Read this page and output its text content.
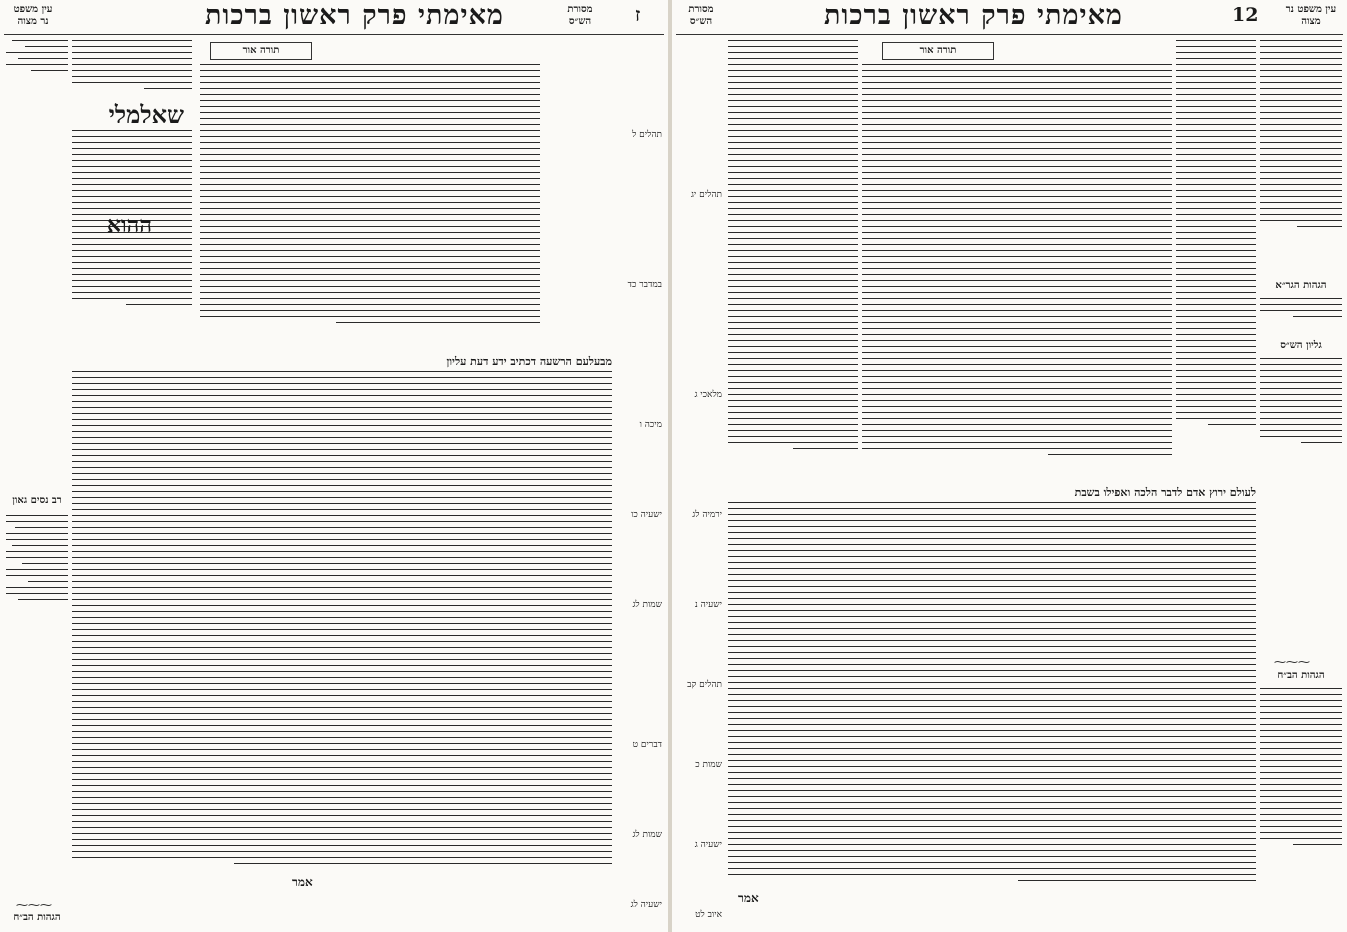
עין משפט נר מצוה	מאימתי פרק ראשון ברכות	מסורת הש״ס	ז
רב נסים גאון
⁓⁓⁓
הגהות הב״ח
שאלמלי
ההוא
תורה אור
מבעלעם הרשעה דכתיב ידע דעת עליון
אמר
תהלים ל
במדבר כד
מיכה ו
ישעיה כו
שמות לג
דברים ט
שמות לג
ישעיה לג
מסורת הש״ס	מאימתי פרק ראשון ברכות	12	עין משפט נר מצוה
תהלים יג
מלאכי ג
ירמיה לג
ישעיה נ
תהלים קב
שמות כ
ישעיה ג
איוב לט
תורה אור
לעולם ירוץ אדם לדבר הלכה ואפילו בשבת
אמר
הגהות הגר״א
גליון הש״ס
⁓⁓⁓
הגהות הב״ח
